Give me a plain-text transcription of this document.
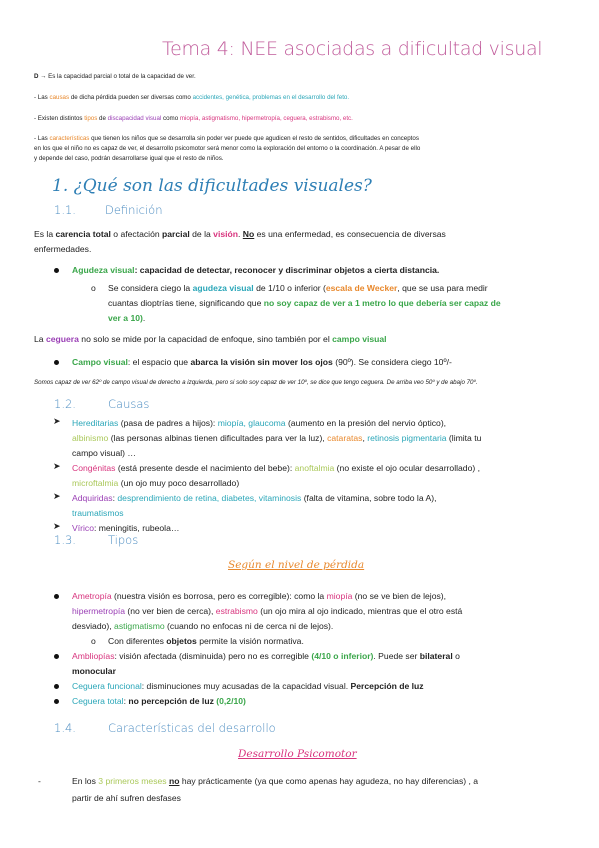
Tema 4: NEE asociadas a dificultad visual
D → Es la capacidad parcial o total de la capacidad de ver.
- Las causas de dicha pérdida pueden ser diversas como accidentes, genética, problemas en el desarrollo del feto.
- Existen distintos tipos de discapacidad visual como miopía, astigmatismo, hipermetropía, ceguera, estrabismo, etc.
- Las características que tienen los niños que se desarrolla sin poder ver puede que agudicen el resto de sentidos, dificultades en conceptos
en los que el niño no es capaz de ver, el desarrollo psicomotor será menor como la exploración del entorno o la coordinación. A pesar de ello
y depende del caso, podrán desarrollarse igual que el resto de niños.
1. ¿Qué son las dificultades visuales?
1.1.	Definición
Es la carencia total o afectación parcial de la visión. No es una enfermedad, es consecuencia de diversas
enfermedades.
Agudeza visual: capacidad de detectar, reconocer y discriminar objetos a cierta distancia.
o Se considera ciego la agudeza visual de 1/10 o inferior (escala de Wecker, que se usa para medir
cuantas dioptrías tiene, significando que no soy capaz de ver a 1 metro lo que debería ser capaz de
ver a 10).
La ceguera no solo se mide por la capacidad de enfoque, sino también por el campo visual
Campo visual: el espacio que abarca la visión sin mover los ojos (90º). Se considera ciego 10º/-
Somos capaz de ver 62º de campo visual de derecho a izquierda, pero si solo soy capaz de ver 10º, se dice que tengo ceguera. De arriba veo 50º y de abajo 70º.
1.2.	Causas
➤ Hereditarias (pasa de padres a hijos): miopía, glaucoma (aumento en la presión del nervio óptico),
albinismo (las personas albinas tienen dificultades para ver la luz), cataratas, retinosis pigmentaria (limita tu
campo visual) …
➤ Congénitas (está presente desde el nacimiento del bebe): anoftalmia (no existe el ojo ocular desarrollado) ,
microftalmia (un ojo muy poco desarrollado)
➤ Adquiridas: desprendimiento de retina, diabetes, vitaminosis (falta de vitamina, sobre todo la A),
traumatismos
➤ Vírico: meningitis, rubeola…
1.3.	Tipos
Según el nivel de pérdida
Ametropía (nuestra visión es borrosa, pero es corregible): como la miopía (no se ve bien de lejos),
hipermetropía (no ver bien de cerca), estrabismo (un ojo mira al ojo indicado, mientras que el otro está
desviado), astigmatismo (cuando no enfocas ni de cerca ni de lejos).
o Con diferentes objetos permite la visión normativa.
Ambliopías: visión afectada (disminuida) pero no es corregible (4/10 o inferior). Puede ser bilateral o
monocular
Ceguera funcional: disminuciones muy acusadas de la capacidad visual. Percepción de luz
Ceguera total: no percepción de luz (0,2/10)
1.4.	Características del desarrollo
Desarrollo Psicomotor
-	En los 3 primeros meses no hay prácticamente (ya que como apenas hay agudeza, no hay diferencias) , a
partir de ahí sufren desfases
